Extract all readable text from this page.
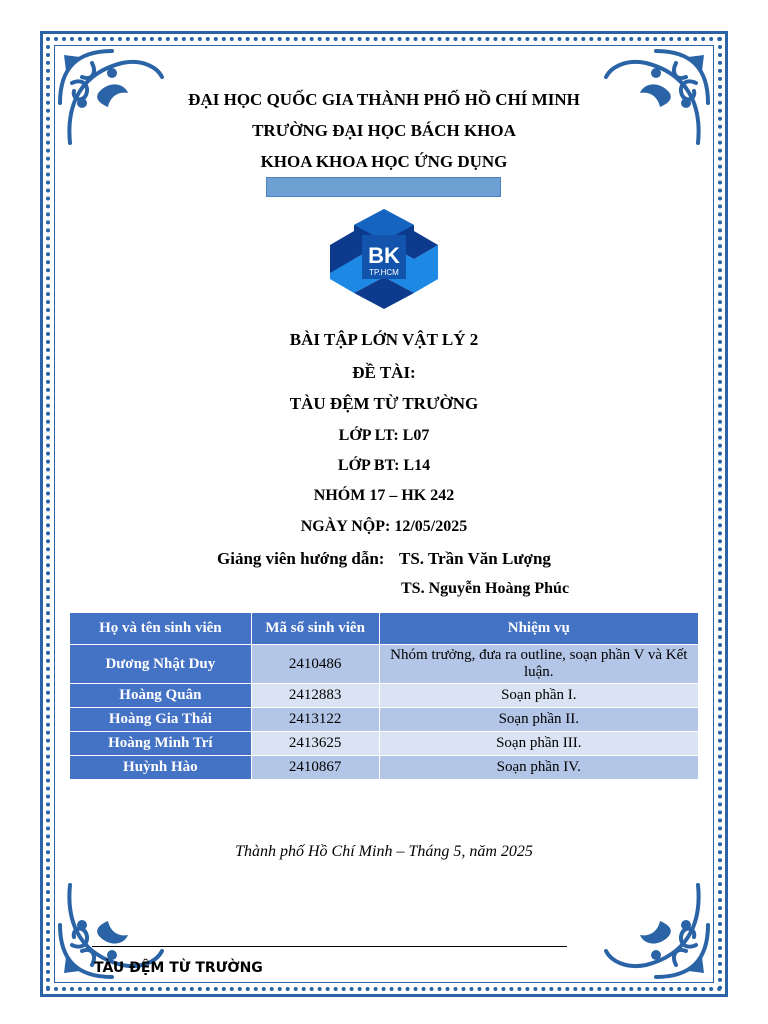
ĐẠI HỌC QUỐC GIA THÀNH PHỐ HỒ CHÍ MINH
TRƯỜNG ĐẠI HỌC BÁCH KHOA
KHOA KHOA HỌC ỨNG DỤNG
BK
TP.HCM
BÀI TẬP LỚN VẬT LÝ 2
ĐỀ TÀI:
TÀU ĐỆM TỪ TRƯỜNG
LỚP LT: L07
LỚP BT: L14
NHÓM 17 – HK 242
NGÀY NỘP: 12/05/2025
Giảng viên hướng dẫn: TS. Trần Văn Lượng
TS. Nguyễn Hoàng Phúc
Họ và tên sinh viên	Mã số sinh viên	Nhiệm vụ
Dương Nhật Duy	2410486	Nhóm trưởng, đưa ra outline, soạn phần V và Kết luận.
Hoàng Quân	2412883	Soạn phần I.
Hoàng Gia Thái	2413122	Soạn phần II.
Hoàng Minh Trí	2413625	Soạn phần III.
Huỳnh Hào	2410867	Soạn phần IV.
Thành phố Hồ Chí Minh – Tháng 5, năm 2025
TÀU ĐỆM TỪ TRƯỜNG
